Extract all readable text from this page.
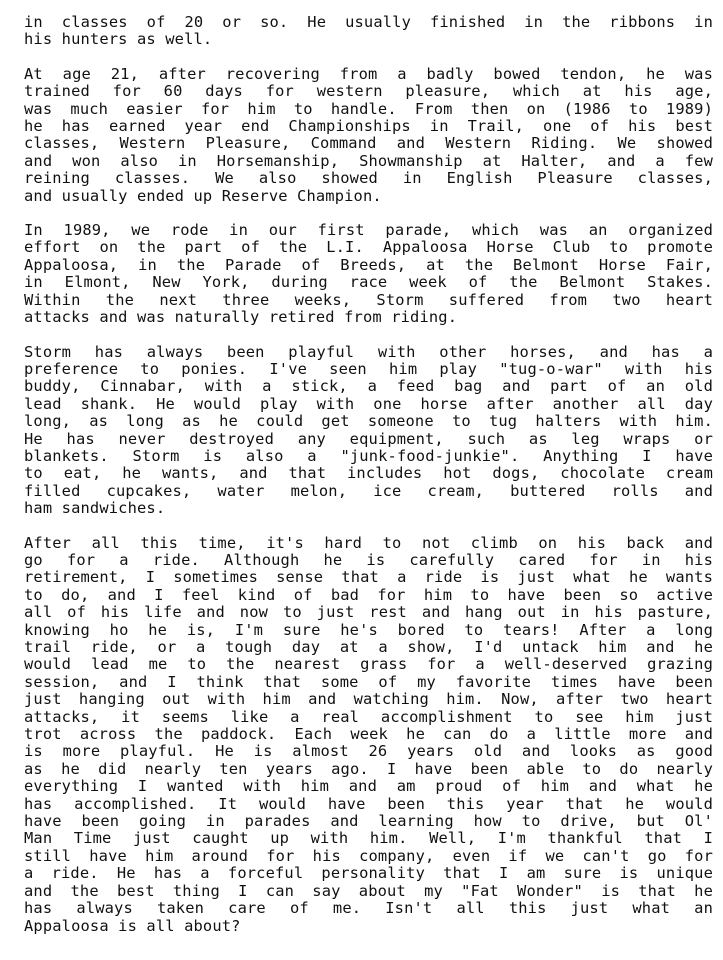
in classes of 20 or so. He usually finished in the ribbons in
his hunters as well.
At age 21, after recovering from a badly bowed tendon, he was
trained for 60 days for western pleasure, which at his age,
was much easier for him to handle. From then on (1986 to 1989)
he has earned year end Championships in Trail, one of his best
classes, Western Pleasure, Command and Western Riding. We showed
and won also in Horsemanship, Showmanship at Halter, and a few
reining classes. We also showed in English Pleasure classes,
and usually ended up Reserve Champion.
In 1989, we rode in our first parade, which was an organized
effort on the part of the L.I. Appaloosa Horse Club to promote
Appaloosa, in the Parade of Breeds, at the Belmont Horse Fair,
in Elmont, New York, during race week of the Belmont Stakes.
Within the next three weeks, Storm suffered from two heart
attacks and was naturally retired from riding.
Storm has always been playful with other horses, and has a
preference to ponies. I've seen him play "tug-o-war" with his
buddy, Cinnabar, with a stick, a feed bag and part of an old
lead shank. He would play with one horse after another all day
long, as long as he could get someone to tug halters with him.
He has never destroyed any equipment, such as leg wraps or
blankets. Storm is also a "junk-food-junkie". Anything I have
to eat, he wants, and that includes hot dogs, chocolate cream
filled cupcakes, water melon, ice cream, buttered rolls and
ham sandwiches.
After all this time, it's hard to not climb on his back and
go for a ride. Although he is carefully cared for in his
retirement, I sometimes sense that a ride is just what he wants
to do, and I feel kind of bad for him to have been so active
all of his life and now to just rest and hang out in his pasture,
knowing ho he is, I'm sure he's bored to tears! After a long
trail ride, or a tough day at a show, I'd untack him and he
would lead me to the nearest grass for a well-deserved grazing
session, and I think that some of my favorite times have been
just hanging out with him and watching him. Now, after two heart
attacks, it seems like a real accomplishment to see him just
trot across the paddock. Each week he can do a little more and
is more playful. He is almost 26 years old and looks as good
as he did nearly ten years ago. I have been able to do nearly
everything I wanted with him and am proud of him and what he
has accomplished. It would have been this year that he would
have been going in parades and learning how to drive, but Ol'
Man Time just caught up with him. Well, I'm thankful that I
still have him around for his company, even if we can't go for
a ride. He has a forceful personality that I am sure is unique
and the best thing I can say about my "Fat Wonder" is that he
has always taken care of me. Isn't all this just what an
Appaloosa is all about?
